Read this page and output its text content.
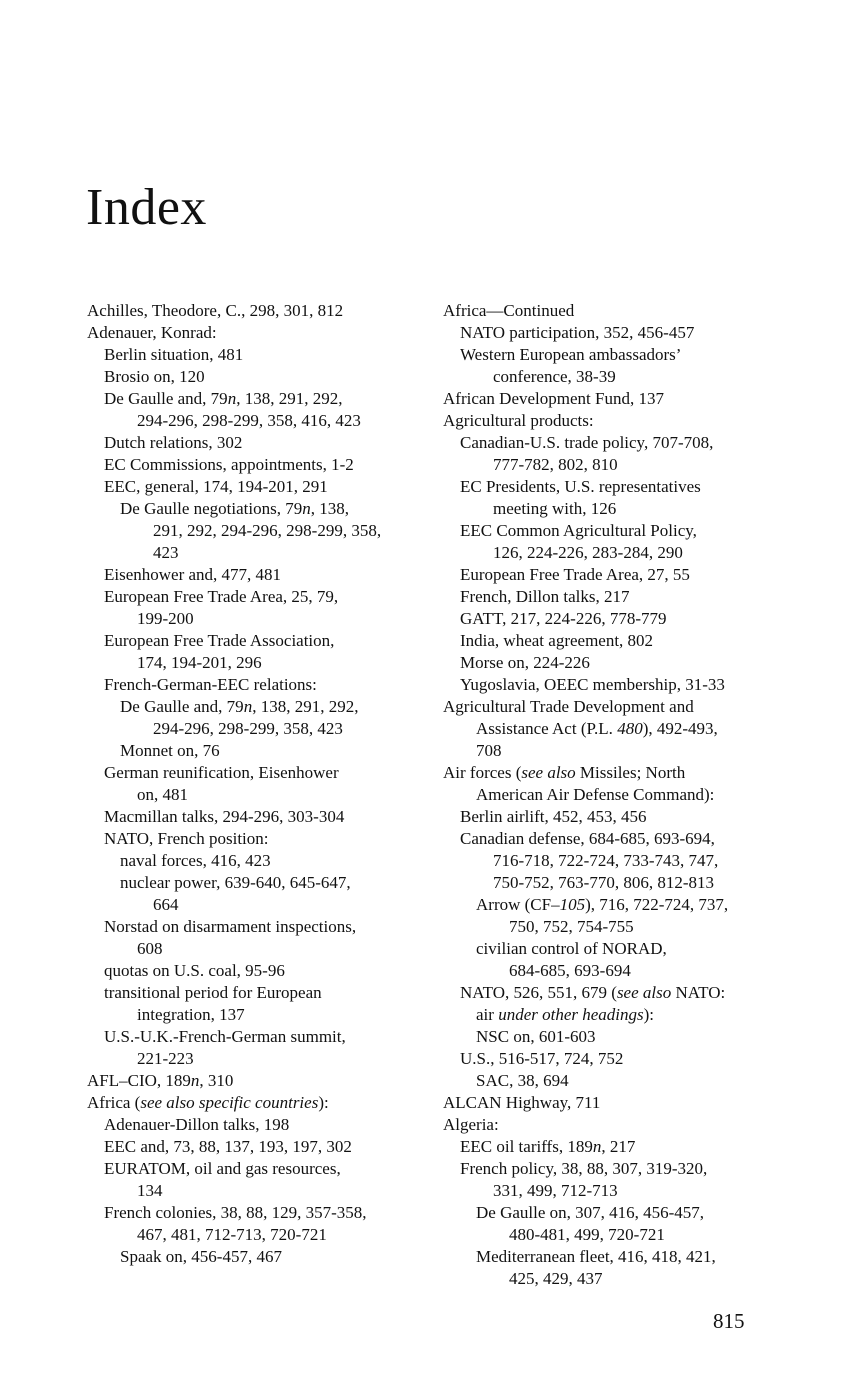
Index
Achilles, Theodore, C., 298, 301, 812
Adenauer, Konrad:
Berlin situation, 481
Brosio on, 120
De Gaulle and, 79n, 138, 291, 292,
294-296, 298-299, 358, 416, 423
Dutch relations, 302
EC Commissions, appointments, 1-2
EEC, general, 174, 194-201, 291
De Gaulle negotiations, 79n, 138,
291, 292, 294-296, 298-299, 358,
423
Eisenhower and, 477, 481
European Free Trade Area, 25, 79,
199-200
European Free Trade Association,
174, 194-201, 296
French-German-EEC relations:
De Gaulle and, 79n, 138, 291, 292,
294-296, 298-299, 358, 423
Monnet on, 76
German reunification, Eisenhower
on, 481
Macmillan talks, 294-296, 303-304
NATO, French position:
naval forces, 416, 423
nuclear power, 639-640, 645-647,
664
Norstad on disarmament inspections,
608
quotas on U.S. coal, 95-96
transitional period for European
integration, 137
U.S.-U.K.-French-German summit,
221-223
AFL–CIO, 189n, 310
Africa (see also specific countries):
Adenauer-Dillon talks, 198
EEC and, 73, 88, 137, 193, 197, 302
EURATOM, oil and gas resources,
134
French colonies, 38, 88, 129, 357-358,
467, 481, 712-713, 720-721
Spaak on, 456-457, 467
Africa—Continued
NATO participation, 352, 456-457
Western European ambassadors’
conference, 38-39
African Development Fund, 137
Agricultural products:
Canadian-U.S. trade policy, 707-708,
777-782, 802, 810
EC Presidents, U.S. representatives
meeting with, 126
EEC Common Agricultural Policy,
126, 224-226, 283-284, 290
European Free Trade Area, 27, 55
French, Dillon talks, 217
GATT, 217, 224-226, 778-779
India, wheat agreement, 802
Morse on, 224-226
Yugoslavia, OEEC membership, 31-33
Agricultural Trade Development and
Assistance Act (P.L. 480), 492-493,
708
Air forces (see also Missiles; North
American Air Defense Command):
Berlin airlift, 452, 453, 456
Canadian defense, 684-685, 693-694,
716-718, 722-724, 733-743, 747,
750-752, 763-770, 806, 812-813
Arrow (CF–105), 716, 722-724, 737,
750, 752, 754-755
civilian control of NORAD,
684-685, 693-694
NATO, 526, 551, 679 (see also NATO:
air under other headings):
NSC on, 601-603
U.S., 516-517, 724, 752
SAC, 38, 694
ALCAN Highway, 711
Algeria:
EEC oil tariffs, 189n, 217
French policy, 38, 88, 307, 319-320,
331, 499, 712-713
De Gaulle on, 307, 416, 456-457,
480-481, 499, 720-721
Mediterranean fleet, 416, 418, 421,
425, 429, 437
815
